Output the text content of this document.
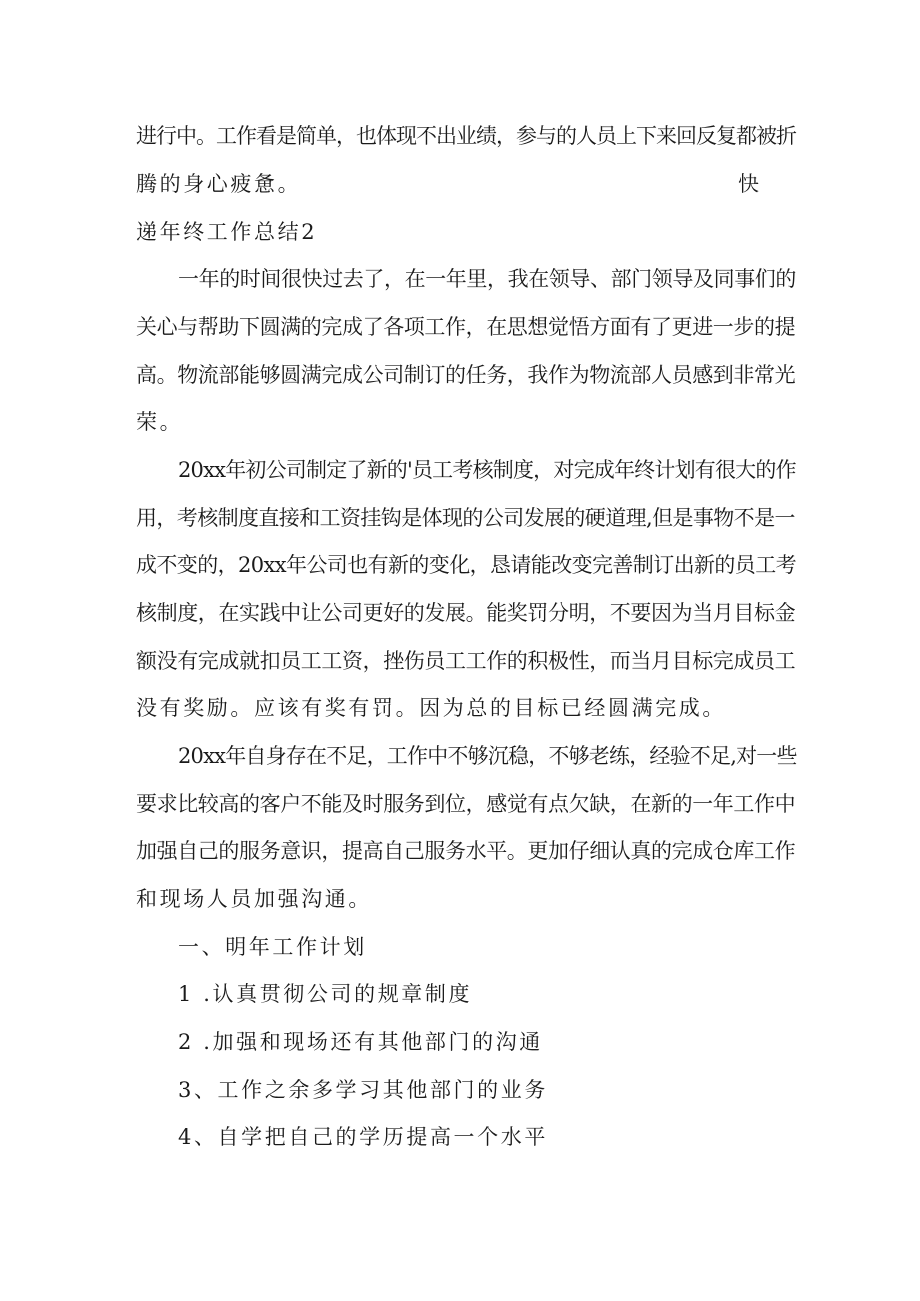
进行中。工作看是简单，也体现不出业绩，参与的人员上下来回反复都被折
腾的身心疲惫。	快
递年终工作总结2
一年的时间很快过去了，在一年里，我在领导、部门领导及同事们的
关心与帮助下圆满的完成了各项工作，在思想觉悟方面有了更进一步的提
高。物流部能够圆满完成公司制订的任务，我作为物流部人员感到非常光
荣。
20xx年初公司制定了新的'员工考核制度，对完成年终计划有很大的作
用，考核制度直接和工资挂钩是体现的公司发展的硬道理,但是事物不是一
成不变的，20xx年公司也有新的变化，恳请能改变完善制订出新的员工考
核制度，在实践中让公司更好的发展。能奖罚分明，不要因为当月目标金
额没有完成就扣员工工资，挫伤员工工作的积极性，而当月目标完成员工
没有奖励。应该有奖有罚。因为总的目标已经圆满完成。
20xx年自身存在不足，工作中不够沉稳，不够老练，经验不足,对一些
要求比较高的客户不能及时服务到位，感觉有点欠缺，在新的一年工作中
加强自己的服务意识，提高自己服务水平。更加仔细认真的完成仓库工作
和现场人员加强沟通。
一、明年工作计划
1 .认真贯彻公司的规章制度
2 .加强和现场还有其他部门的沟通
3、工作之余多学习其他部门的业务
4、自学把自己的学历提高一个水平
